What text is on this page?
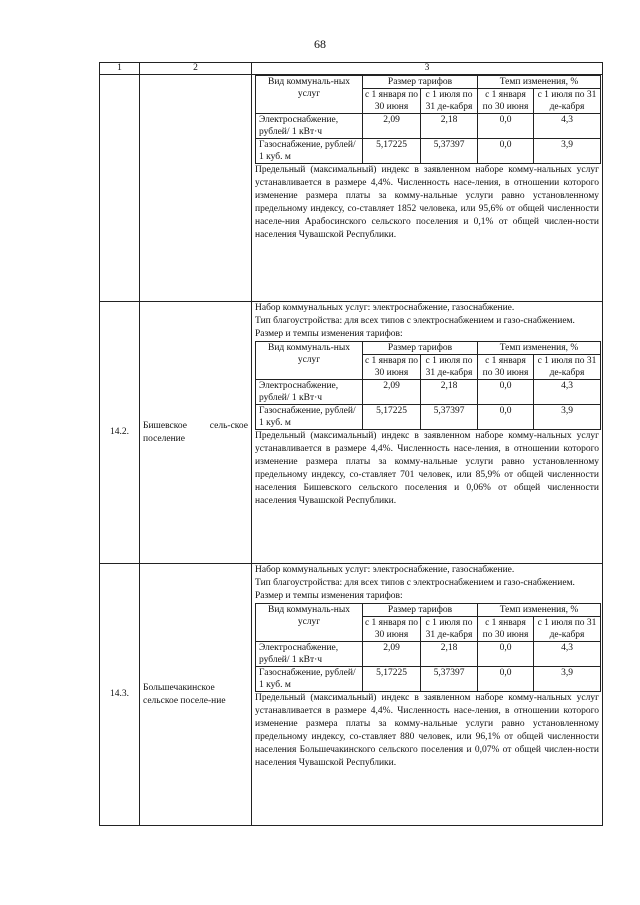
68
1	2	3

Вид коммуналь-ных услуг	Размер тарифов	Темп изменения, %
с 1 января по 30 июня	с 1 июля по 31 де-кабря	с 1 января по 30 июня	с 1 июля по 31 де-кабря
Электроснабжение, рублей/ 1 кВт·ч	2,09	2,18	0,0	4,3
Газоснабжение, рублей/ 1 куб. м	5,17225	5,37397	0,0	3,9
Предельный (максимальный) индекс в заявленном наборе комму-нальных услуг устанавливается в размере 4,4%. Численность насе-ления, в отношении которого изменение размера платы за комму-нальные услуги равно установленному предельному индексу, со-ставляет 1852 человека, или 95,6% от общей численности населе-ния Арабосинского сельского поселения и 0,1% от общей числен-ности населения Чувашской Республики.

14.2.	Бишевское сель-ское поселение	
Набор коммунальных услуг: электроснабжение, газоснабжение.
Тип благоустройства: для всех типов с электроснабжением и газо-снабжением.
Размер и темпы изменения тарифов:
Вид коммуналь-ных услуг	Размер тарифов	Темп изменения, %
с 1 января по 30 июня	с 1 июля по 31 де-кабря	с 1 января по 30 июня	с 1 июля по 31 де-кабря
Электроснабжение, рублей/ 1 кВт·ч	2,09	2,18	0,0	4,3
Газоснабжение, рублей/ 1 куб. м	5,17225	5,37397	0,0	3,9
Предельный (максимальный) индекс в заявленном наборе комму-нальных услуг устанавливается в размере 4,4%. Численность насе-ления, в отношении которого изменение размера платы за комму-нальные услуги равно установленному предельному индексу, со-ставляет 701 человек, или 85,9% от общей численности населения Бишевского сельского поселения и 0,06% от общей численности населения Чувашской Республики.

14.3.	Большечакинское сельское поселе-ние	
Набор коммунальных услуг: электроснабжение, газоснабжение.
Тип благоустройства: для всех типов с электроснабжением и газо-снабжением.
Размер и темпы изменения тарифов:
Вид коммуналь-ных услуг	Размер тарифов	Темп изменения, %
с 1 января по 30 июня	с 1 июля по 31 де-кабря	с 1 января по 30 июня	с 1 июля по 31 де-кабря
Электроснабжение, рублей/ 1 кВт·ч	2,09	2,18	0,0	4,3
Газоснабжение, рублей/ 1 куб. м	5,17225	5,37397	0,0	3,9
Предельный (максимальный) индекс в заявленном наборе комму-нальных услуг устанавливается в размере 4,4%. Численность насе-ления, в отношении которого изменение размера платы за комму-нальные услуги равно установленному предельному индексу, со-ставляет 880 человек, или 96,1% от общей численности населения Большечакинского сельского поселения и 0,07% от общей числен-ности населения Чувашской Республики.
